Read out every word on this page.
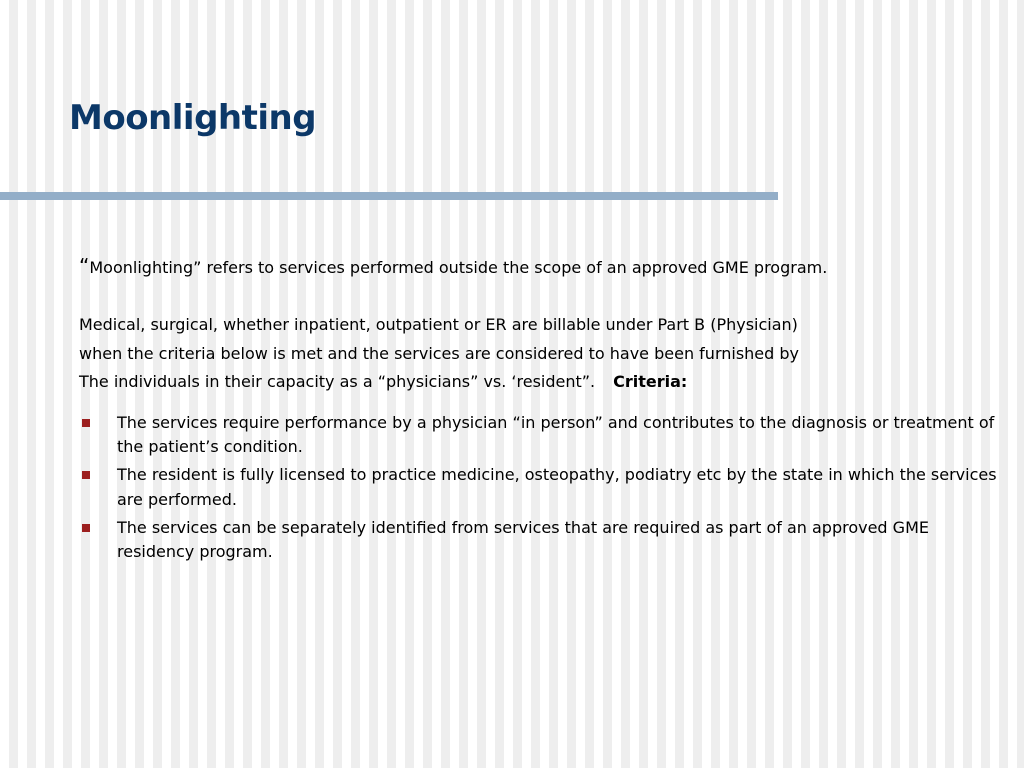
Moonlighting

“Moonlighting” refers to services performed outside the scope of an approved GME program.

Medical, surgical, whether inpatient, outpatient or ER are billable under Part B (Physician)
when the criteria below is met and the services are considered to have been furnished by
The individuals in their capacity as a “physicians” vs. ‘resident”. Criteria:
The services require performance by a physician “in person” and contributes to the diagnosis or treatment of the patient’s condition.
The resident is fully licensed to practice medicine, osteopathy, podiatry etc by the state in which the services are performed.
The services can be separately identified from services that are required as part of an approved GME residency program.
